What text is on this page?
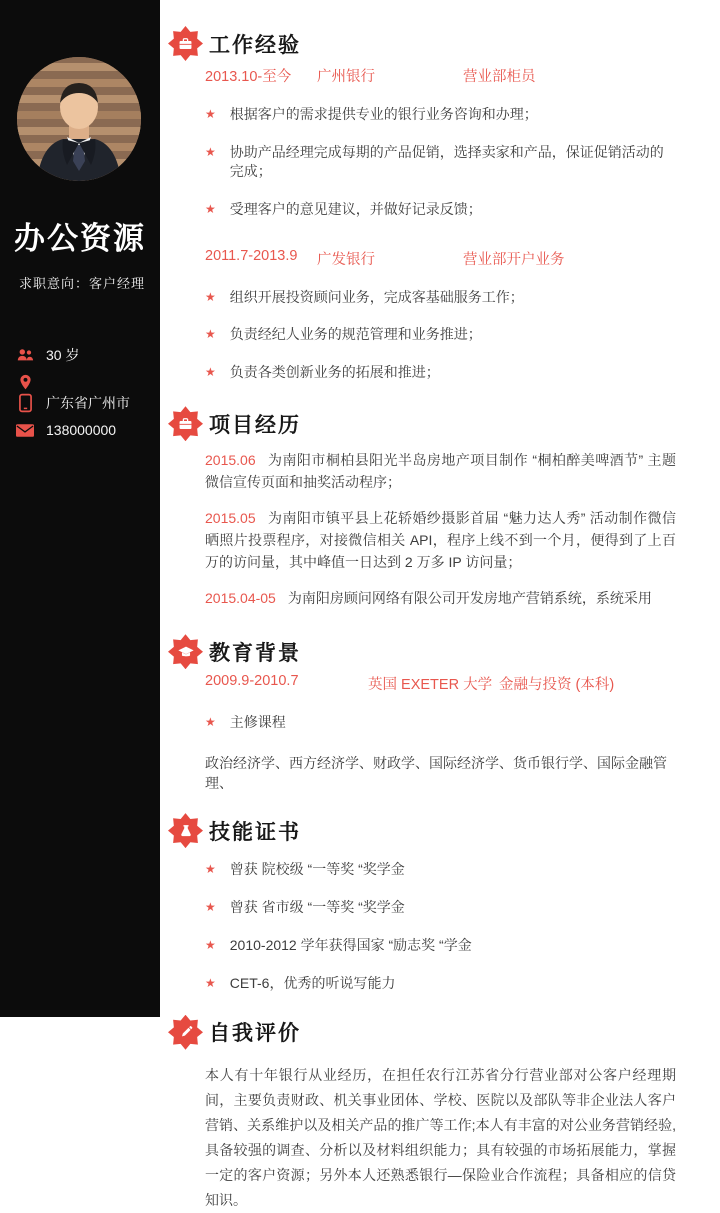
办公资源
求职意向：客户经理
30 岁
广东省广州市
138000000
工作经验
2013.10-至今	广州银行	营业部柜员
★ 根据客户的需求提供专业的银行业务咨询和办理；
★ 协助产品经理完成每期的产品促销，选择卖家和产品，保证促销活动的完成；
★ 受理客户的意见建议，并做好记录反馈；
2011.7-2013.9	广发银行	营业部开户业务
★ 组织开展投资顾问业务，完成客基础服务工作；
★ 负责经纪人业务的规范管理和业务推进；
★ 负责各类创新业务的拓展和推进；
项目经历

2015.06 为南阳市桐柏县阳光半岛房地产项目制作 “桐柏醉美啤酒节” 主题微信宣传页面和抽奖活动程序；

2015.05 为南阳市镇平县上花轿婚纱摄影首届 “魅力达人秀” 活动制作微信晒照片投票程序，对接微信相关 API，程序上线不到一个月，便得到了上百万的访问量，其中峰值一日达到 2 万多 IP 访问量；

2015.04-05 为南阳房顾问网络有限公司开发房地产营销系统，系统采用

教育背景
2009.9-2010.7	英国 EXETER 大学 金融与投资 (本科)
★ 主修课程
政治经济学、西方经济学、财政学、国际经济学、货币银行学、国际金融管理、
技能证书
★ 曾获 院校级 “一等奖 “奖学金
★ 曾获 省市级 “一等奖 “奖学金
★ 2010-2012 学年获得国家 “励志奖 “学金
★ CET-6，优秀的听说写能力
自我评价

本人有十年银行从业经历，在担任农行江苏省分行营业部对公客户经理期间，主要负责财政、机关事业团体、学校、医院以及部队等非企业法人客户营销、关系维护以及相关产品的推广等工作;本人有丰富的对公业务营销经验,具备较强的调查、分析以及材料组织能力；具有较强的市场拓展能力，掌握一定的客户资源；另外本人还熟悉银行—保险业合作流程；具备相应的信贷知识。
